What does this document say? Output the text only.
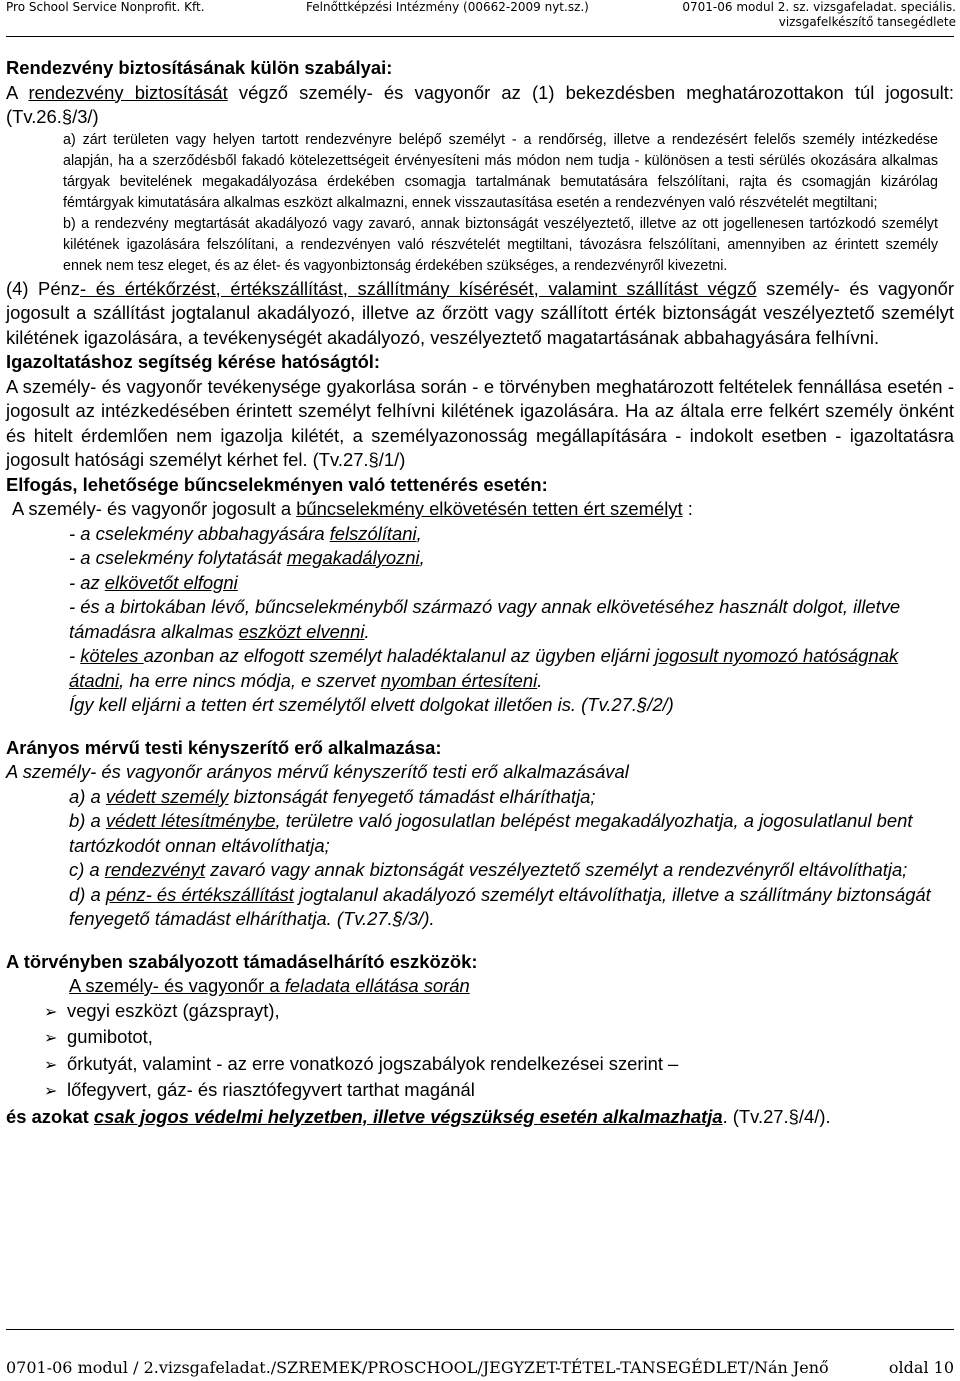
Pro School Service Nonprofit. Kft.	Felnőttképzési Intézmény (00662-2009 nyt.sz.)	0701-06 modul 2. sz. vizsgafeladat. speciális.
vizsgafelkészítő tansegédlete
Rendezvény biztosításának külön szabályai:
A rendezvény biztosítását végző személy- és vagyonőr az (1) bekezdésben meghatározottakon túl jogosult: (Tv.26.§/3/)
a) zárt területen vagy helyen tartott rendezvényre belépő személyt - a rendőrség, illetve a rendezésért felelős személy intézkedése alapján, ha a szerződésből fakadó kötelezettségeit érvényesíteni más módon nem tudja - különösen a testi sérülés okozására alkalmas tárgyak bevitelének megakadályozása érdekében csomagja tartalmának bemutatására felszólítani, rajta és csomagján kizárólag fémtárgyak kimutatására alkalmas eszközt alkalmazni, ennek visszautasítása esetén a rendezvényen való részvételét megtiltani;
b) a rendezvény megtartását akadályozó vagy zavaró, annak biztonságát veszélyeztető, illetve az ott jogellenesen tartózkodó személyt kilétének igazolására felszólítani, a rendezvényen való részvételét megtiltani, távozásra felszólítani, amennyiben az érintett személy ennek nem tesz eleget, és az élet- és vagyonbiztonság érdekében szükséges, a rendezvényről kivezetni.
(4) Pénz- és értékőrzést, értékszállítást, szállítmány kísérését, valamint szállítást végző személy- és vagyonőr jogosult a szállítást jogtalanul akadályozó, illetve az őrzött vagy szállított érték biztonságát veszélyeztető személyt kilétének igazolására, a tevékenységét akadályozó, veszélyeztető magatartásának abbahagyására felhívni.
Igazoltatáshoz segítség kérése hatóságtól:
A személy- és vagyonőr tevékenysége gyakorlása során - e törvényben meghatározott feltételek fennállása esetén - jogosult az intézkedésében érintett személyt felhívni kilétének igazolására. Ha az általa erre felkért személy önként és hitelt érdemlően nem igazolja kilétét, a személyazonosság megállapítására - indokolt esetben - igazoltatásra jogosult hatósági személyt kérhet fel. (Tv.27.§/1/)
Elfogás, lehetősége bűncselekményen való tettenérés esetén:
A személy- és vagyonőr jogosult a bűncselekmény elkövetésén tetten ért személyt :
- a cselekmény abbahagyására felszólítani,
- a cselekmény folytatását megakadályozni,
- az elkövetőt elfogni
- és a birtokában lévő, bűncselekményből származó vagy annak elkövetéséhez használt dolgot, illetve támadásra alkalmas eszközt elvenni.
- köteles azonban az elfogott személyt haladéktalanul az ügyben eljárni jogosult nyomozó hatóságnak átadni, ha erre nincs módja, e szervet nyomban értesíteni.
Így kell eljárni a tetten ért személytől elvett dolgokat illetően is. (Tv.27.§/2/)
Arányos mérvű testi kényszerítő erő alkalmazása:
A személy- és vagyonőr arányos mérvű kényszerítő testi erő alkalmazásával
a) a védett személy biztonságát fenyegető támadást elháríthatja;
b) a védett létesítménybe, területre való jogosulatlan belépést megakadályozhatja, a jogosulatlanul bent tartózkodót onnan eltávolíthatja;
c) a rendezvényt zavaró vagy annak biztonságát veszélyeztető személyt a rendezvényről eltávolíthatja;
d) a pénz- és értékszállítást jogtalanul akadályozó személyt eltávolíthatja, illetve a szállítmány biztonságát fenyegető támadást elháríthatja. (Tv.27.§/3/).
A törvényben szabályozott támadáselhárító eszközök:
A személy- és vagyonőr a feladata ellátása során
➢ vegyi eszközt (gázsprayt),
➢ gumibotot,
➢ őrkutyát, valamint - az erre vonatkozó jogszabályok rendelkezései szerint –
➢ lőfegyvert, gáz- és riasztófegyvert tarthat magánál
és azokat csak jogos védelmi helyzetben, illetve végszükség esetén alkalmazhatja. (Tv.27.§/4/).
0701-06 modul / 2.vizsgafeladat./SZREMEK/PROSCHOOL/JEGYZET-TÉTEL-TANSEGÉDLET/Nán Jenő	oldal 10
